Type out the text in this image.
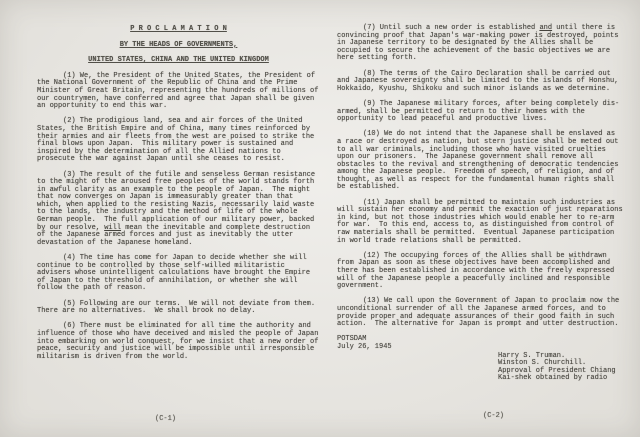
P R O C L A M A T I O N
BY THE HEADS OF GOVERNMENTS,
UNITED STATES, CHINA AND THE UNITED KINGDOM

(1) We, the President of the United States, the President of the National Government of the Republic of China and the Prime Minister of Great Britain, representing the hundreds of millions of our countrymen, have conferred and agree that Japan shall be given an opportunity to end this war.

(2) The prodigious land, sea and air forces of the United States, the British Empire and of China, many times reinforced by their armies and air fleets from the west are poised to strike the final blows upon Japan.  This military power is sustained and inspired by the determination of all the Allied nations to prosecute the war against Japan until she ceases to resist.

(3) The result of the futile and senseless German resistance to the might of the aroused free peoples of the world stands forth in awful clarity as an example to the people of Japan.  The might that now converges on Japan is immeasurably greater than that which, when applied to the resisting Nazis, necessarily laid waste to the lands, the industry and the method of life of the whole German people.  The full application of our military power, backed by our resolve, will mean the inevitable and complete destruction of the Japanese armed forces and just as inevitably the utter devastation of the Japanese homeland.

(4) The time has come for Japan to decide whether she will continue to be controlled by those self-willed militaristic advisers whose unintelligent calculations have brought the Empire of Japan to the threshold of annihilation, or whether she will follow the path of reason.

(5) Following are our terms.  We will not deviate from them. There are no alternatives.  We shall brook no delay.

(6) There must be eliminated for all time the authority and influence of those who have deceived and misled the people of Japan into embarking on world conquest, for we insist that a new order of peace, security and justice will be impossible until irresponsible militarism is driven from the world.

(7) Until such a new order is established and until there is convincing proof that Japan's war-making power is destroyed, points in Japanese territory to be designated by the Allies shall be occupied to secure the achievement of the basic objectives we are here setting forth.

(8) The terms of the Cairo Declaration shall be carried out and Japanese sovereignty shall be limited to the islands of Honshu, Hokkaido, Kyushu, Shikoku and such minor islands as we determine.

(9) The Japanese military forces, after being completely dis-armed, shall be permitted to return to their homes with the opportunity to lead peaceful and productive lives.

(10) We do not intend that the Japanese shall be enslaved as a race or destroyed as nation, but stern justice shall be meted out to all war criminals, including those who have visited cruelties upon our prisoners.  The Japanese government shall remove all obstacles to the revival and strengthening of democratic tendencies among the Japanese people.  Freedom of speech, of religion, and of thought, as well as respect for the fundamental human rights shall be established.

(11) Japan shall be permitted to maintain such industries as will sustain her economy and permit the exaction of just reparations in kind, but not those industries which would enable her to re-arm for war.  To this end, access to, as distinguished from control of raw materials shall be permitted.  Eventual Japanese participation in world trade relations shall be permitted.

(12) The occupying forces of the Allies shall be withdrawn from Japan as soon as these objectives have been accomplished and there has been established in accordance with the freely expressed will of the Japanese people a peacefully inclined and responsible government.

(13) We call upon the Government of Japan to proclaim now the unconditional surrender of all the Japanese armed forces, and to provide proper and adequate assurances of their good faith in such action.  The alternative for Japan is prompt and utter destruction.

POTSDAM
July 26, 1945
Harry S. Truman.
Winston S. Churchill.
Approval of President Chiang
Kai-shek obtained by radio
(C-1)	(C-2)
